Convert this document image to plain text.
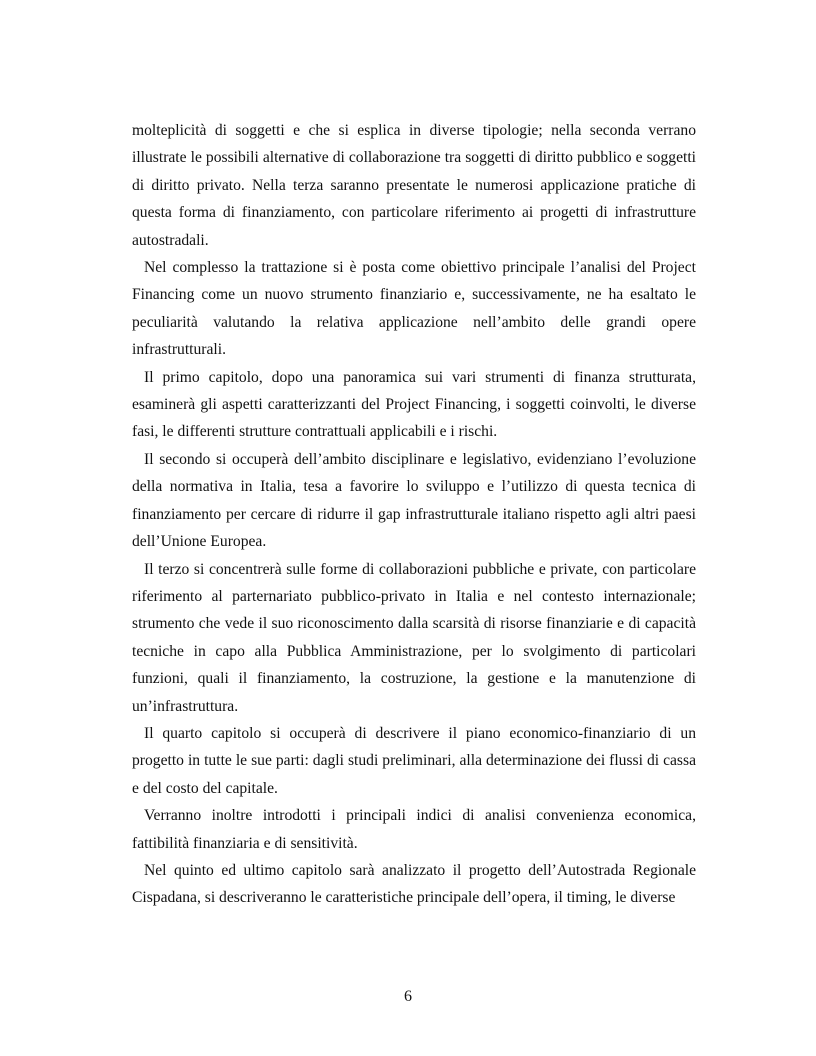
molteplicità di soggetti e che si esplica in diverse tipologie; nella seconda verrano illustrate le possibili alternative di collaborazione tra soggetti di diritto pubblico e soggetti di diritto privato. Nella terza saranno presentate le numerosi applicazione pratiche di questa forma di finanziamento, con particolare riferimento ai progetti di infrastrutture autostradali.

Nel complesso la trattazione si è posta come obiettivo principale l’analisi del Project Financing come un nuovo strumento finanziario e, successivamente, ne ha esaltato le peculiarità valutando la relativa applicazione nell’ambito delle grandi opere infrastrutturali.

Il primo capitolo, dopo una panoramica sui vari strumenti di finanza strutturata, esaminerà gli aspetti caratterizzanti del Project Financing, i soggetti coinvolti, le diverse fasi, le differenti strutture contrattuali applicabili e i rischi.

Il secondo si occuperà dell’ambito disciplinare e legislativo, evidenziano l’evoluzione della normativa in Italia, tesa a favorire lo sviluppo e l’utilizzo di questa tecnica di finanziamento per cercare di ridurre il gap infrastrutturale italiano rispetto agli altri paesi dell’Unione Europea.

Il terzo si concentrerà sulle forme di collaborazioni pubbliche e private, con particolare riferimento al parternariato pubblico-privato in Italia e nel contesto internazionale; strumento che vede il suo riconoscimento dalla scarsità di risorse finanziarie e di capacità tecniche in capo alla Pubblica Amministrazione, per lo svolgimento di particolari funzioni, quali il finanziamento, la costruzione, la gestione e la manutenzione di un’infrastruttura.

Il quarto capitolo si occuperà di descrivere il piano economico-finanziario di un progetto in tutte le sue parti: dagli studi preliminari, alla determinazione dei flussi di cassa e del costo del capitale.

Verranno inoltre introdotti i principali indici di analisi convenienza economica, fattibilità finanziaria e di sensitività.

Nel quinto ed ultimo capitolo sarà analizzato il progetto dell’Autostrada Regionale Cispadana, si descriveranno le caratteristiche principale dell’opera, il timing, le diverse

6
